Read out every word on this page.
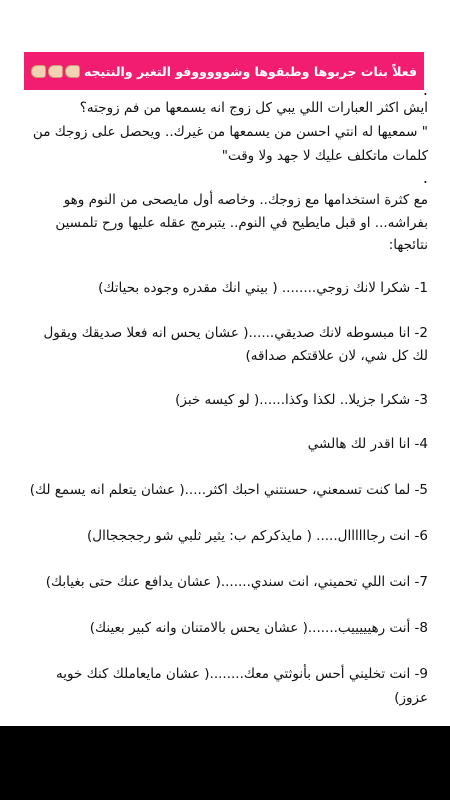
فعلاً بنات جربوها وطبقوها وشوووووفو التغير والنتيجه
.
ايش اكثر العبارات اللي يبي كل زوج انه يسمعها من فم زوجته؟
" سمعيها له انتي احسن من يسمعها من غيرك.. ويحصل على زوجك من
كلمات ماتكلف عليك لا جهد ولا وقت"
.
مع كثرة استخدامها مع زوجك.. وخاصه أول مايصحى من النوم وهو
بفراشه... او قبل مايطيح في النوم.. يتبرمج عقله عليها ورح تلمسين
نتائجها:
1- شكرا لانك زوجي........ ( بيني انك مقدره وجوده بحياتك)
2- انا مبسوطه لانك صديقي......( عشان يحس انه فعلا صديقك ويقول
لك كل شي، لان علاقتكم صداقه)
3- شكرا جزيلا.. لكذا وكذا......( لو كيسه خبز)
4- انا اقدر لك هالشي
5- لما كنت تسمعني، حسنتني احبك اكثر.....( عشان يتعلم انه يسمع لك)
6- انت رجاااااال..... ( مايذكركم ب: يثير ثلبي شو رججججاال)
7- انت اللي تحميني، انت سندي.......( عشان يدافع عنك حتى بغيابك)
8- أنت رهيييييب.......( عشان يحس بالامتنان وانه كبير بعينك)
9- انت تخليني أحس بأنوثتي معك........( عشان مايعاملك كنك خويه
عزوز)
